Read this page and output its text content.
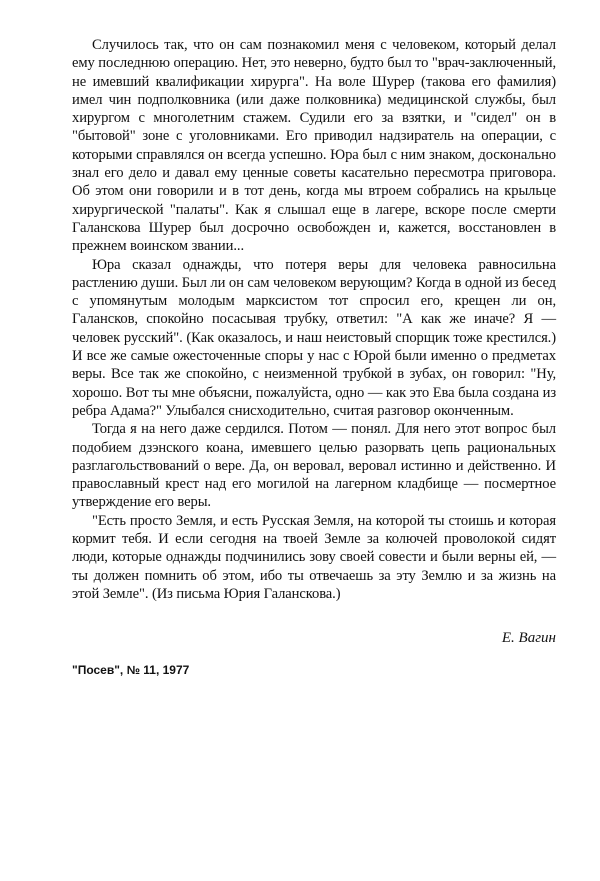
Случилось так, что он сам познакомил меня с человеком, который делал ему последнюю операцию. Нет, это неверно, будто был то "врач-заключенный, не имевший квалификации хирурга". На воле Шурер (такова его фамилия) имел чин подполковника (или даже полковника) медицинской службы, был хирургом с многолетним стажем. Судили его за взятки, и "сидел" он в "бытовой" зоне с уголовниками. Его приводил надзиратель на операции, с которыми справлялся он всегда успешно. Юра был с ним знаком, досконально знал его дело и давал ему ценные советы касательно пересмотра приговора. Об этом они говорили и в тот день, когда мы втроем собрались на крыльце хирургической "палаты". Как я слышал еще в лагере, вскоре после смерти Галанскова Шурер был досрочно освобожден и, кажется, восстановлен в прежнем воинском звании...

Юра сказал однажды, что потеря веры для человека равносильна растлению души. Был ли он сам человеком верующим? Когда в одной из бесед с упомянутым молодым марксистом тот спросил его, крещен ли он, Галансков, спокойно посасывая трубку, ответил: "А как же иначе? Я — человек русский". (Как оказалось, и наш неистовый спорщик тоже крестился.) И все же самые ожесточенные споры у нас с Юрой были именно о предметах веры. Все так же спокойно, с неизменной трубкой в зубах, он говорил: "Ну, хорошо. Вот ты мне объясни, пожалуйста, одно — как это Ева была создана из ребра Адама?" Улыбался снисходительно, считая разговор оконченным.

Тогда я на него даже сердился. Потом — понял. Для него этот вопрос был подобием дзэнского коана, имевшего целью разорвать цепь рациональных разглагольствований о вере. Да, он веровал, веровал истинно и действенно. И православный крест над его могилой на лагерном кладбище — посмертное утверждение его веры.

"Есть просто Земля, и есть Русская Земля, на которой ты стоишь и которая кормит тебя. И если сегодня на твоей Земле за колючей проволокой сидят люди, которые однажды подчинились зову своей совести и были верны ей, — ты должен помнить об этом, ибо ты отвечаешь за эту Землю и за жизнь на этой Земле". (Из письма Юрия Галанскова.)

Е. Вагин
"Посев", № 11, 1977
